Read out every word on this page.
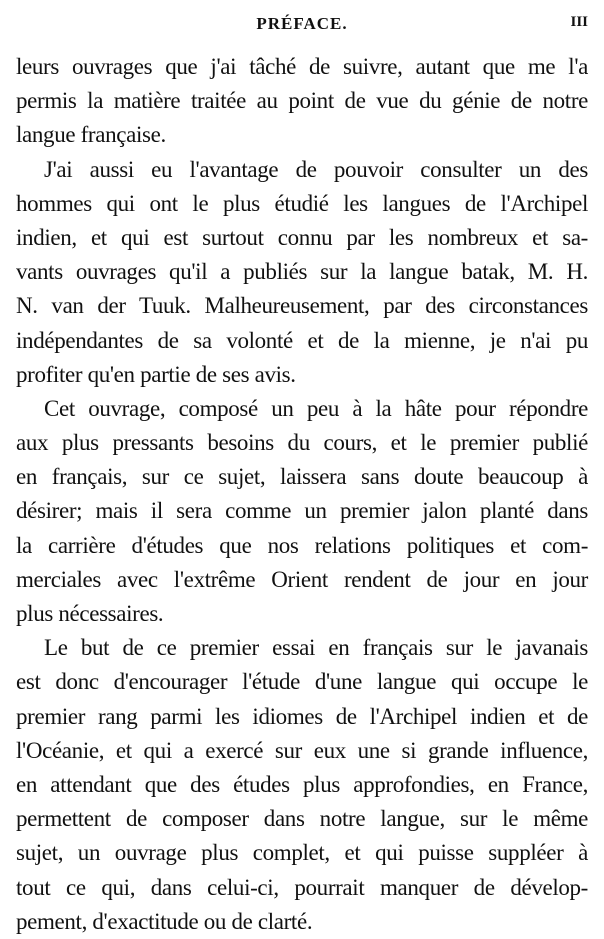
PRÉFACE.	III
leurs ouvrages que j'ai tâché de suivre, autant que me l'a
permis la matière traitée au point de vue du génie de notre
langue française.
J'ai aussi eu l'avantage de pouvoir consulter un des
hommes qui ont le plus étudié les langues de l'Archipel
indien, et qui est surtout connu par les nombreux et sa-
vants ouvrages qu'il a publiés sur la langue batak, M. H.
N. van der Tuuk. Malheureusement, par des circonstances
indépendantes de sa volonté et de la mienne, je n'ai pu
profiter qu'en partie de ses avis.
Cet ouvrage, composé un peu à la hâte pour répondre
aux plus pressants besoins du cours, et le premier publié
en français, sur ce sujet, laissera sans doute beaucoup à
désirer; mais il sera comme un premier jalon planté dans
la carrière d'études que nos relations politiques et com-
merciales avec l'extrême Orient rendent de jour en jour
plus nécessaires.
Le but de ce premier essai en français sur le javanais
est donc d'encourager l'étude d'une langue qui occupe le
premier rang parmi les idiomes de l'Archipel indien et de
l'Océanie, et qui a exercé sur eux une si grande influence,
en attendant que des études plus approfondies, en France,
permettent de composer dans notre langue, sur le même
sujet, un ouvrage plus complet, et qui puisse suppléer à
tout ce qui, dans celui-ci, pourrait manquer de dévelop-
pement, d'exactitude ou de clarté.
